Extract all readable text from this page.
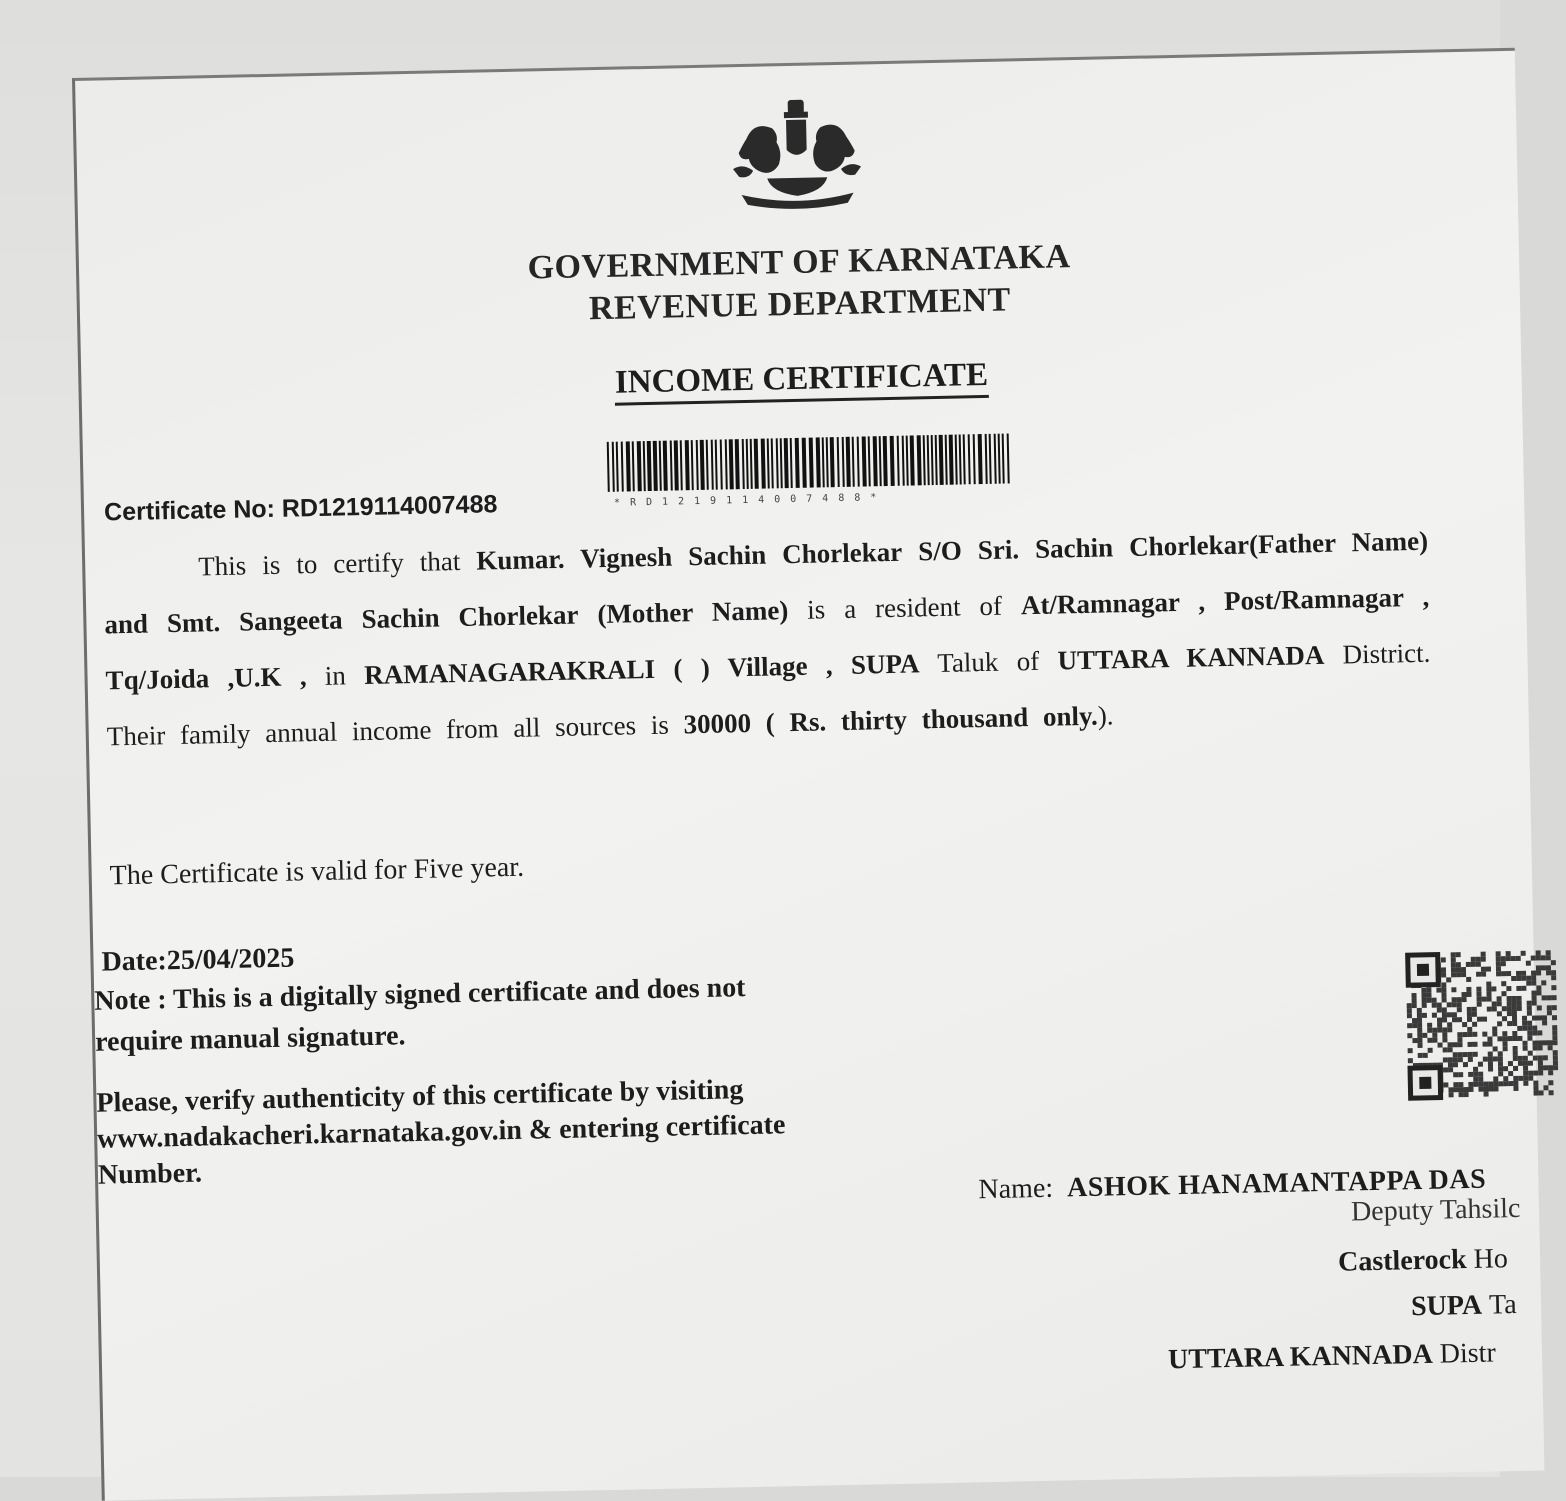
GOVERNMENT OF KARNATAKA
REVENUE DEPARTMENT
INCOME CERTIFICATE
Certificate No: RD1219114007488	*RD1219114007488*

This is to certify that Kumar. Vignesh Sachin Chorlekar S/O Sri. Sachin Chorlekar(Father Name) and Smt. Sangeeta Sachin Chorlekar (Mother Name) is a resident of At/Ramnagar , Post/Ramnagar , Tq/Joida ,U.K , in RAMANAGARAKRALI ( ) Village , SUPA Taluk of UTTARA KANNADA District. Their family annual income from all sources is 30000 ( Rs. thirty thousand only.).

The Certificate is valid for Five year.
Date:25/04/2025
Note : This is a digitally signed certificate and does not require manual signature.
Please, verify authenticity of this certificate by visiting www.nadakacheri.karnataka.gov.in & entering certificate Number.	Name: ASHOK HANAMANTAPPA DAS
Deputy Tahsilc
Castlerock Ho
SUPA Ta
UTTARA KANNADA Distr
